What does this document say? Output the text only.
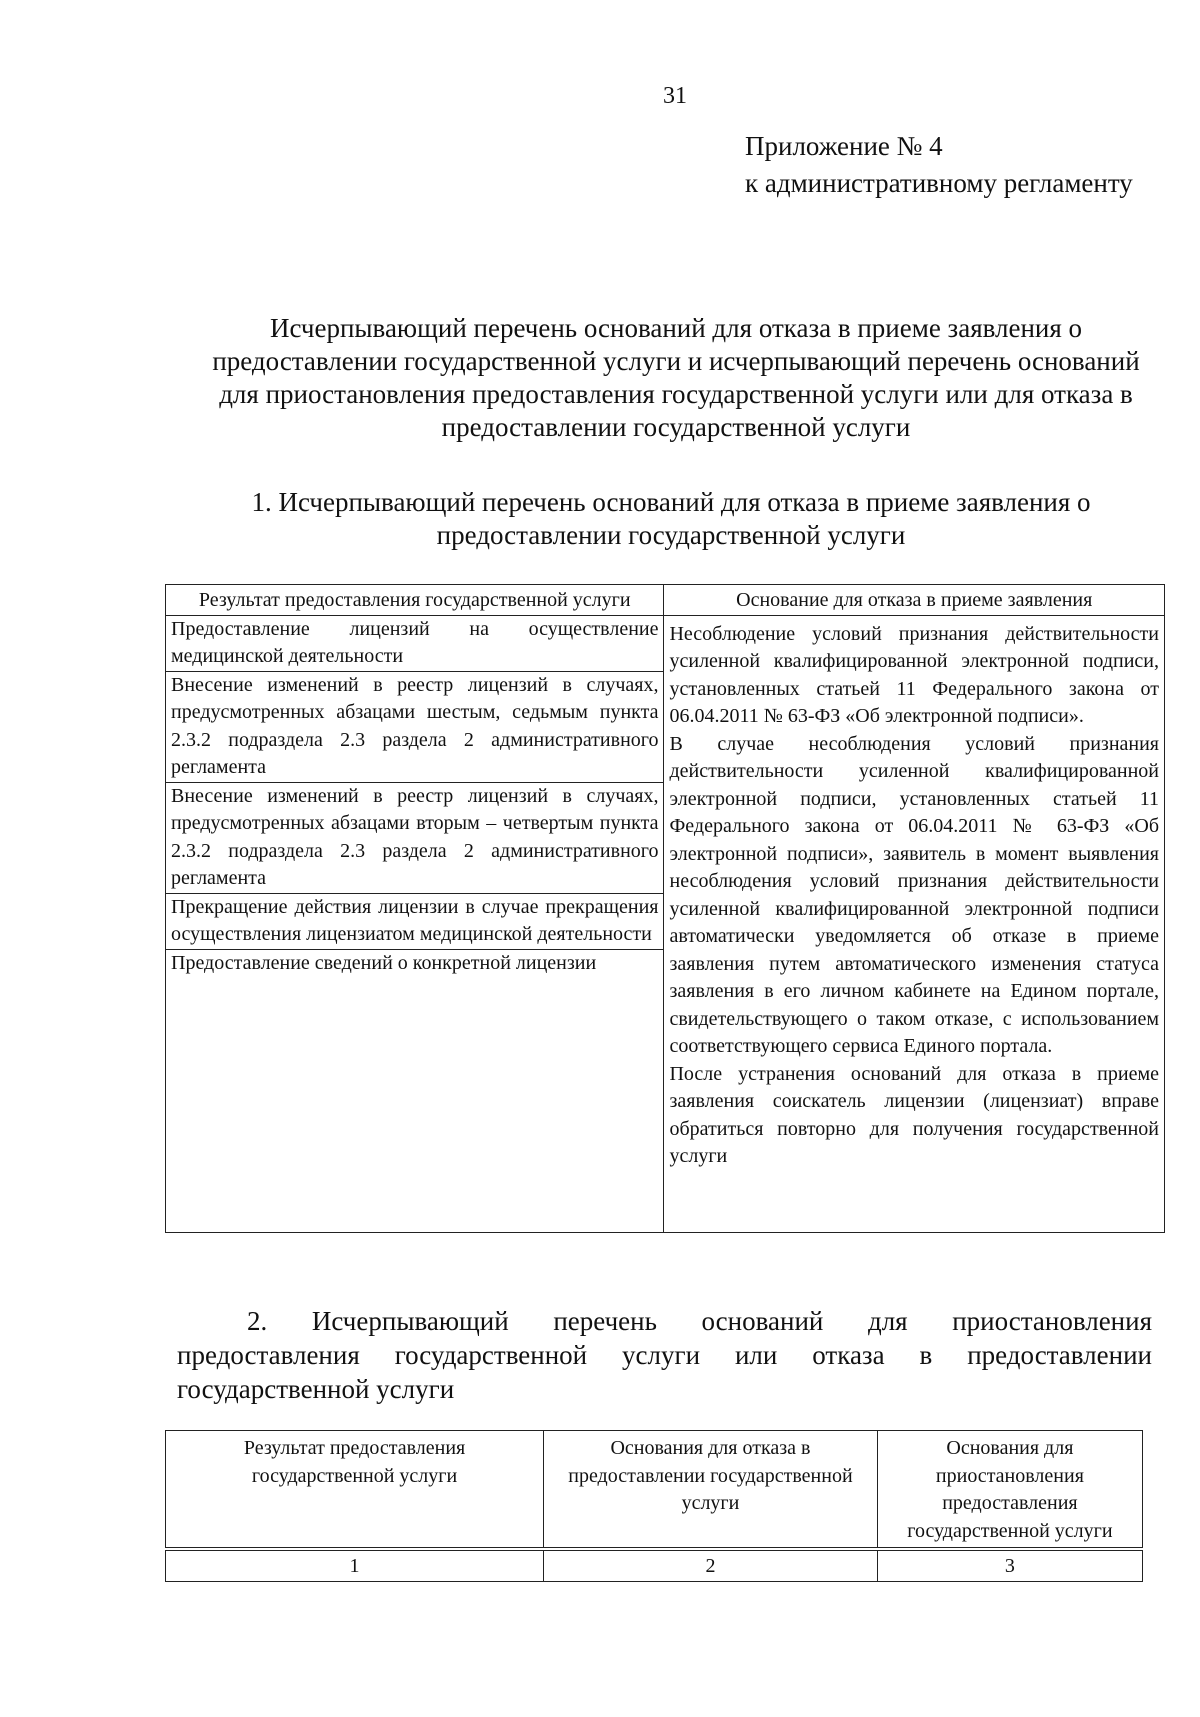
31
Приложение № 4
к административному регламенту
Исчерпывающий перечень оснований для отказа в приеме заявления о предоставлении государственной услуги и исчерпывающий перечень оснований для приостановления предоставления государственной услуги или для отказа в предоставлении государственной услуги
1. Исчерпывающий перечень оснований для отказа в приеме заявления о предоставлении государственной услуги
Результат предоставления государственной услуги	Основание для отказа в приеме заявления
Предоставление лицензий на осуществление медицинской деятельности	Несоблюдение условий признания действительности усиленной квалифицированной электронной подписи, установленных статьей 11 Федерального закона от 06.04.2011 № 63-ФЗ «Об электронной подписи».
В случае несоблюдения условий признания действительности усиленной квалифицированной электронной подписи, установленных статьей 11 Федерального закона от 06.04.2011 № 63-ФЗ «Об электронной подписи», заявитель в момент выявления несоблюдения условий признания действительности усиленной квалифицированной электронной подписи автоматически уведомляется об отказе в приеме заявления путем автоматического изменения статуса заявления в его личном кабинете на Едином портале, свидетельствующего о таком отказе, с использованием соответствующего сервиса Единого портала.
После устранения оснований для отказа в приеме заявления соискатель лицензии (лицензиат) вправе обратиться повторно для получения государственной услуги

Внесение изменений в реестр лицензий в случаях, предусмотренных абзацами шестым, седьмым пункта 2.3.2 подраздела 2.3 раздела 2 административного регламента	
Внесение изменений в реестр лицензий в случаях, предусмотренных абзацами вторым – четвертым пункта 2.3.2 подраздела 2.3 раздела 2 административного регламента	
Прекращение действия лицензии в случае прекращения осуществления лицензиатом медицинской деятельности	
Предоставление сведений о конкретной лицензии	
2. Исчерпывающий перечень оснований для приостановления предоставления государственной услуги или отказа в предоставлении государственной услуги
Результат предоставления государственной услуги	Основания для отказа в предоставлении государственной услуги	Основания для приостановления предоставления государственной услуги
1	2	3
